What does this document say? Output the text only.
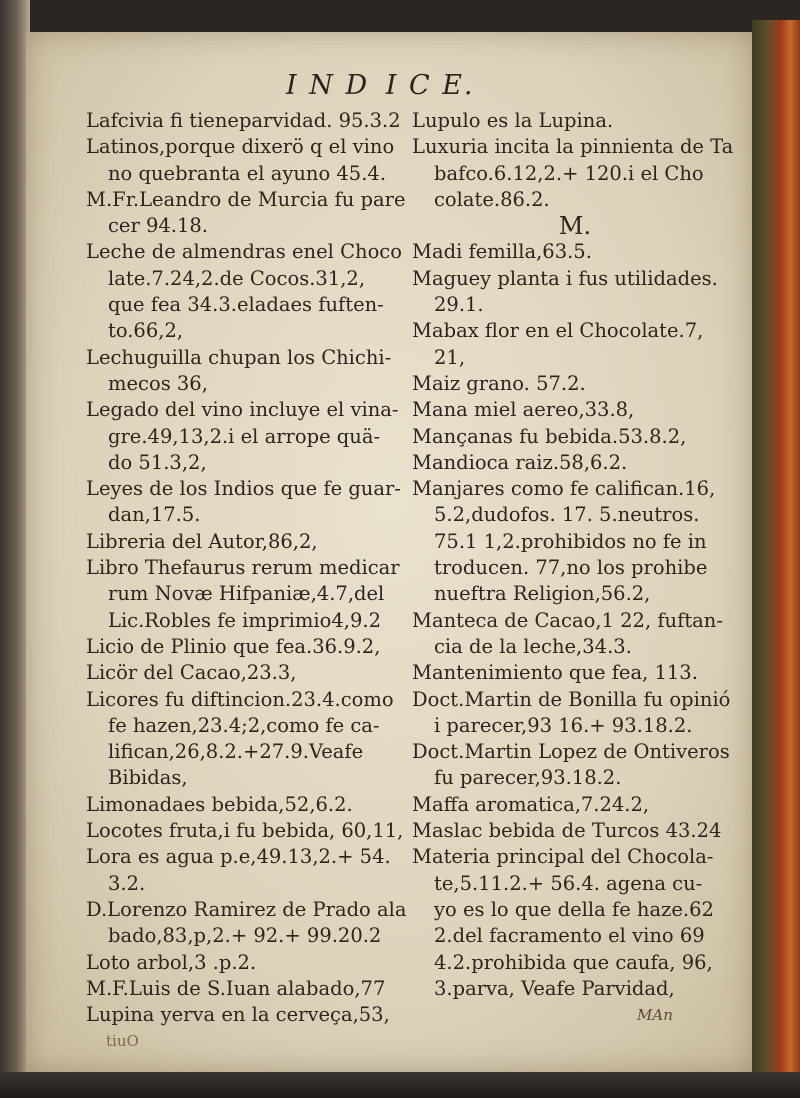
I N D I C E.
Lafcivia fi tieneparvidad. 95.3.2
Latinos,porque dixerö q el vino
no quebranta el ayuno 45.4.
M.Fr.Leandro de Murcia fu pare
cer 94.18.
Leche de almendras enel Choco
late.7.24,2.de Cocos.31,2,
que fea 34.3.eladaes fuften-
to.66,2,
Lechuguilla chupan los Chichi-
mecos 36,
Legado del vino incluye el vina-
gre.49,13,2.i el arrope quä-
do 51.3,2,
Leyes de los Indios que fe guar-
dan,17.5.
Libreria del Autor,86,2,
Libro Thefaurus rerum medicar
rum Novæ Hifpaniæ,4.7,del
Lic.Robles fe imprimio4,9.2
Licio de Plinio que fea.36.9.2,
Licör del Cacao,23.3,
Licores fu diftincion.23.4.como
fe hazen,23.4;2,como fe ca-
lifican,26,8.2.+27.9.Veafe
Bibidas,
Limonadaes bebida,52,6.2.
Locotes fruta,i fu bebida, 60,11,
Lora es agua p.e,49.13,2.+ 54.
3.2.
D.Lorenzo Ramirez de Prado ala
bado,83,p,2.+ 92.+ 99.20.2
Loto arbol,3 .p.2.
M.F.Luis de S.Iuan alabado,77
Lupina yerva en la cerveça,53,
tiuO
Lupulo es la Lupina.
Luxuria incita la pinnienta de Ta
bafco.6.12,2.+ 120.i el Cho
colate.86.2.
M.
Madi femilla,63.5.
Maguey planta i fus utilidades.
29.1.
Mabax flor en el Chocolate.7,
21,
Maiz grano. 57.2.
Mana miel aereo,33.8,
Mançanas fu bebida.53.8.2,
Mandioca raiz.58,6.2.
Manjares como fe califican.16,
5.2,dudofos. 17. 5.neutros.
75.1 1,2.prohibidos no fe in
troducen. 77,no los prohibe
nueftra Religion,56.2,
Manteca de Cacao,1 22, fuftan-
cia de la leche,34.3.
Mantenimiento que fea, 113.
Doct.Martin de Bonilla fu opinió
i parecer,93 16.+ 93.18.2.
Doct.Martin Lopez de Ontiveros
fu parecer,93.18.2.
Maffa aromatica,7.24.2,
Maslac bebida de Turcos 43.24
Materia principal del Chocola-
te,5.11.2.+ 56.4. agena cu-
yo es lo que della fe haze.62
2.del facramento el vino 69
4.2.prohibida que caufa, 96,
3.parva, Veafe Parvidad,
MAn
